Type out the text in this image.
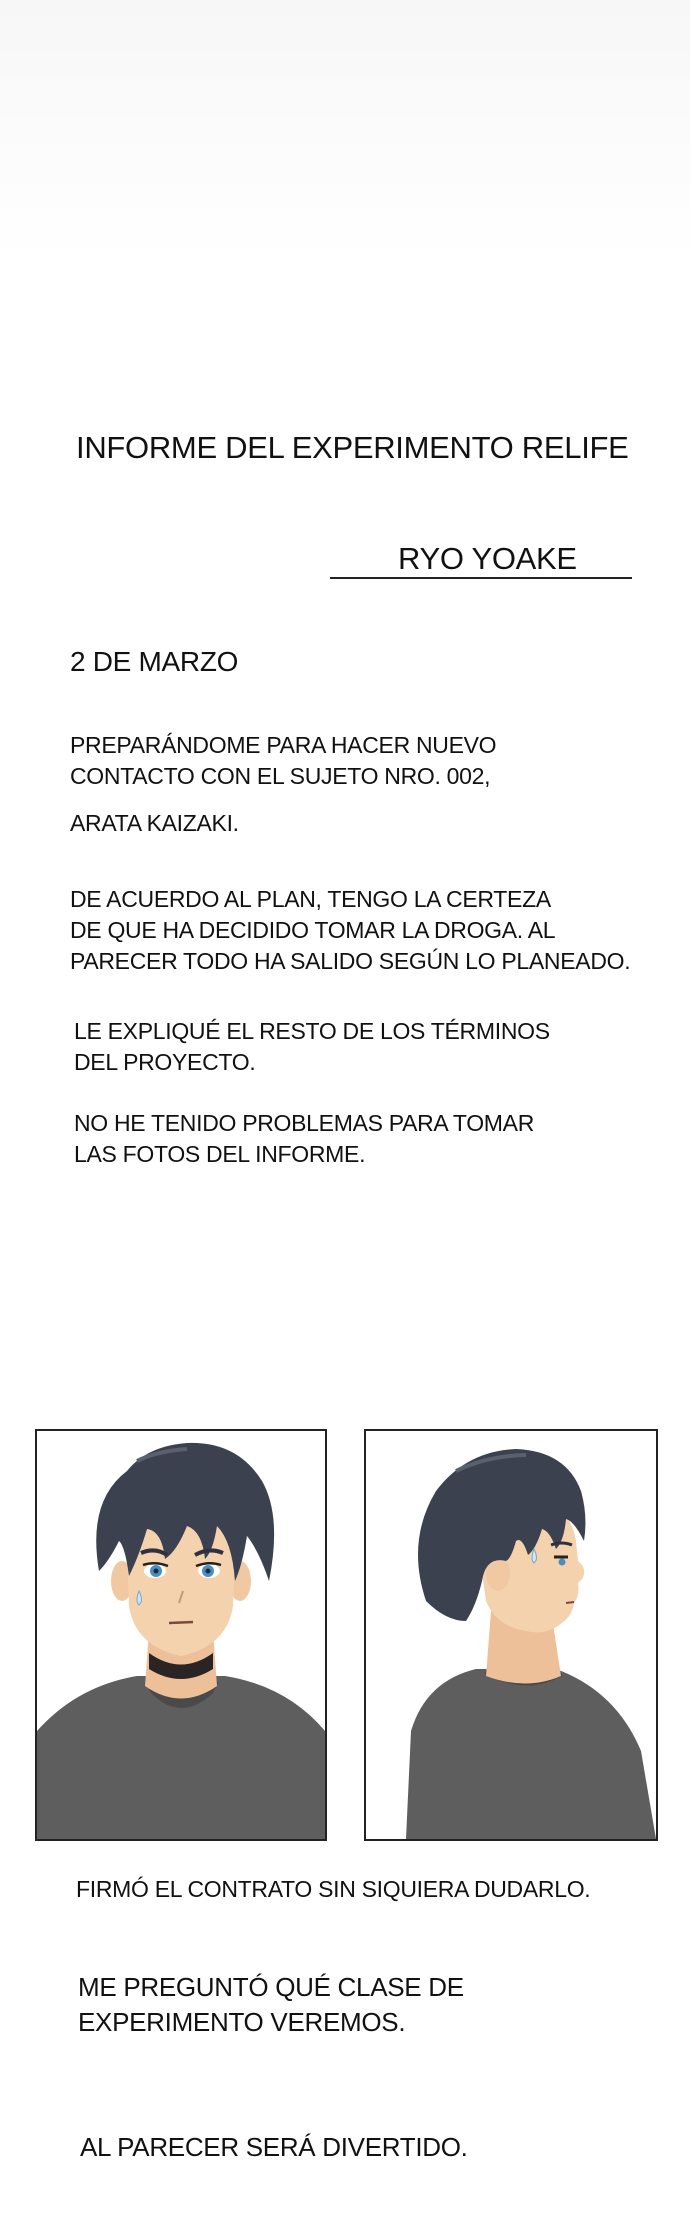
INFORME DEL EXPERIMENTO RELIFE

RYO YOAKE

2 DE MARZO

PREPARÁNDOME PARA HACER NUEVO
CONTACTO CON EL SUJETO NRO. 002,

ARATA KAIZAKI.

DE ACUERDO AL PLAN, TENGO LA CERTEZA
DE QUE HA DECIDIDO TOMAR LA DROGA. AL
PARECER TODO HA SALIDO SEGÚN LO PLANEADO.

LE EXPLIQUÉ EL RESTO DE LOS TÉRMINOS
DEL PROYECTO.

NO HE TENIDO PROBLEMAS PARA TOMAR
LAS FOTOS DEL INFORME.

FIRMÓ EL CONTRATO SIN SIQUIERA DUDARLO.

ME PREGUNTÓ QUÉ CLASE DE
EXPERIMENTO VEREMOS.

AL PARECER SERÁ DIVERTIDO.
